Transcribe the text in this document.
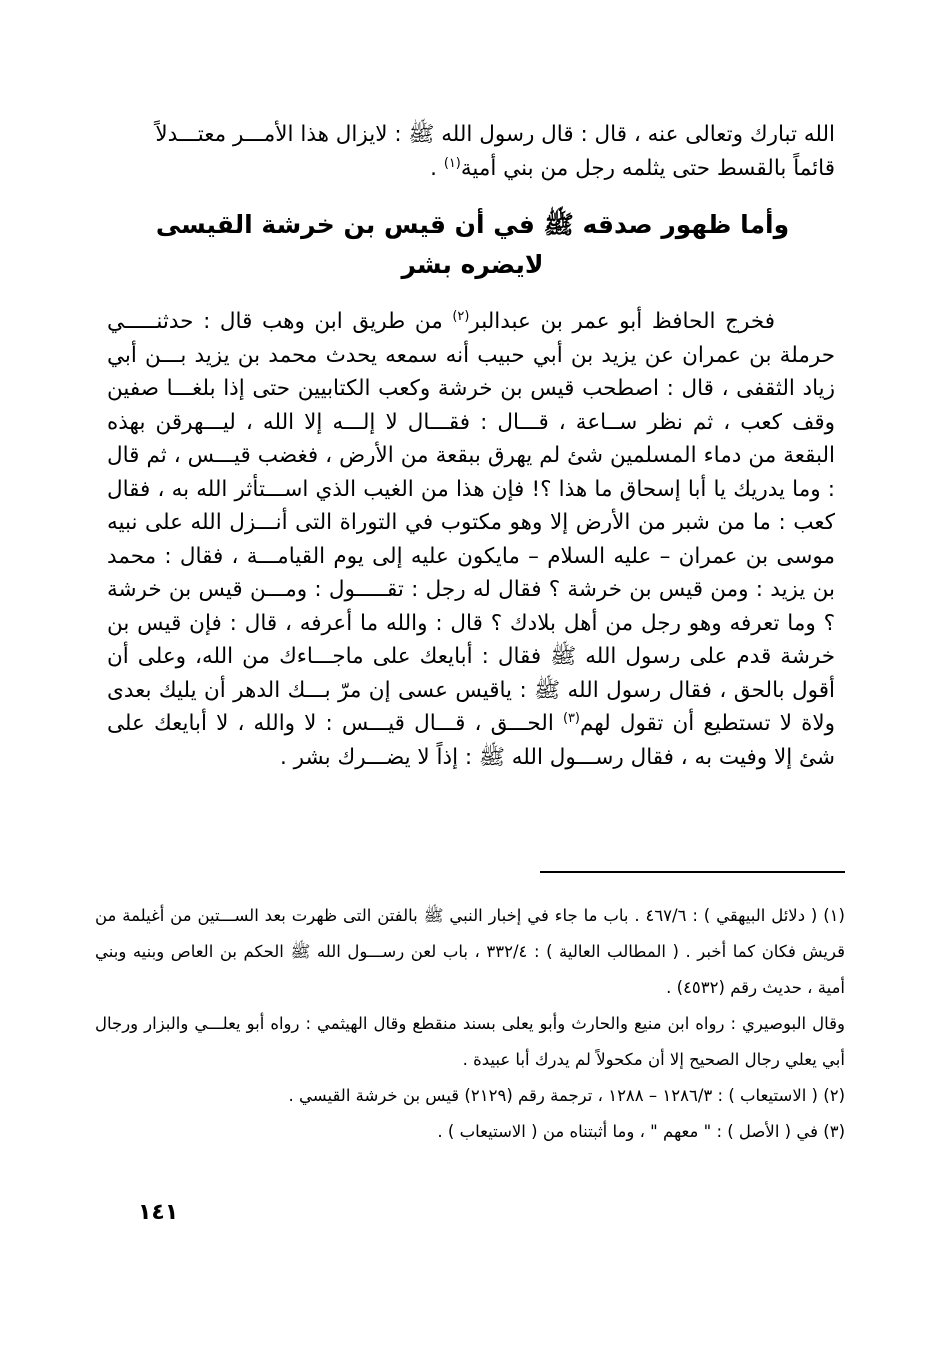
الله تبارك وتعالى عنه ، قال : قال رسول الله ﷺ : لايزال هذا الأمـــر معتـــدلاً

قائماً بالقسط حتى يثلمه رجل من بني أمية$^{(١)}$ .

وأما ظهور صدقه ﷺ في أن قيس بن خرشة القيسى
لايضره بشر

فخرج الحافظ أبو عمر بن عبدالبر$^{(٢)}$ من طريق ابن وهب قال : حدثنـــــي حرملة بن عمران عن يزيد بن أبي حبيب أنه سمعه يحدث محمد بن يزيد بـــن أبي زياد الثقفى ، قال : اصطحب قيس بن خرشة وكعب الكتابيين حتى إذا بلغـــا صفين وقف كعب ، ثم نظر ســاعة ، قـــال : فقـــال لا إلـــه إلا الله ، ليـــهرقن بهذه البقعة من دماء المسلمين شئ لم يهرق ببقعة من الأرض ، فغضب قيـــس ، ثم قال : وما يدريك يا أبا إسحاق ما هذا ؟! فإن هذا من الغيب الذي اســـتأثر الله به ، فقال كعب : ما من شبر من الأرض إلا وهو مكتوب في التوراة التى أنـــزل الله على نبيه موسى بن عمران – عليه السلام – مايكون عليه إلى يوم القيامـــة ، فقال : محمد بن يزيد : ومن قيس بن خرشة ؟ فقال له رجل : تقـــــول : ومـــن قيس بن خرشة ؟ وما تعرفه وهو رجل من أهل بلادك ؟ قال : والله ما أعرفه ، قال : فإن قيس بن خرشة قدم على رسول الله ﷺ فقال : أبايعك على ماجـــاءك من الله، وعلى أن أقول بالحق ، فقال رسول الله ﷺ : ياقيس عسى إن مرّ بـــك الدهر أن يليك بعدى ولاة لا تستطيع أن تقول لهم$^{(٣)}$ الحـــق ، قـــال قيـــس : لا والله ، لا أبايعك على شئ إلا وفيت به ، فقال رســـول الله ﷺ : إذاً لا يضـــرك بشر .

(١) ( دلائل البيهقي ) : ٤٦٧/٦ . باب ما جاء في إخبار النبي ﷺ بالفتن التى ظهرت بعد الســـتين من أغيلمة من قريش فكان كما أخبر . ( المطالب العالية ) : ٣٣٢/٤ ، باب لعن رســـول الله ﷺ الحكم بن العاص وبنيه وبني أمية ، حديث رقم (٤٥٣٢) .

وقال البوصيري : رواه ابن منيع والحارث وأبو يعلى بسند منقطع وقال الهيثمي : رواه أبو يعلـــي والبزار ورجال أبي يعلي رجال الصحيح إلا أن مكحولاً لم يدرك أبا عبيدة .

(٢) ( الاستيعاب ) : ١٢٨٦/٣ – ١٢٨٨ ، ترجمة رقم (٢١٢٩) قيس بن خرشة القيسي .

(٣) في ( الأصل ) : " معهم " ، وما أثبتناه من ( الاستيعاب ) .

١٤١
